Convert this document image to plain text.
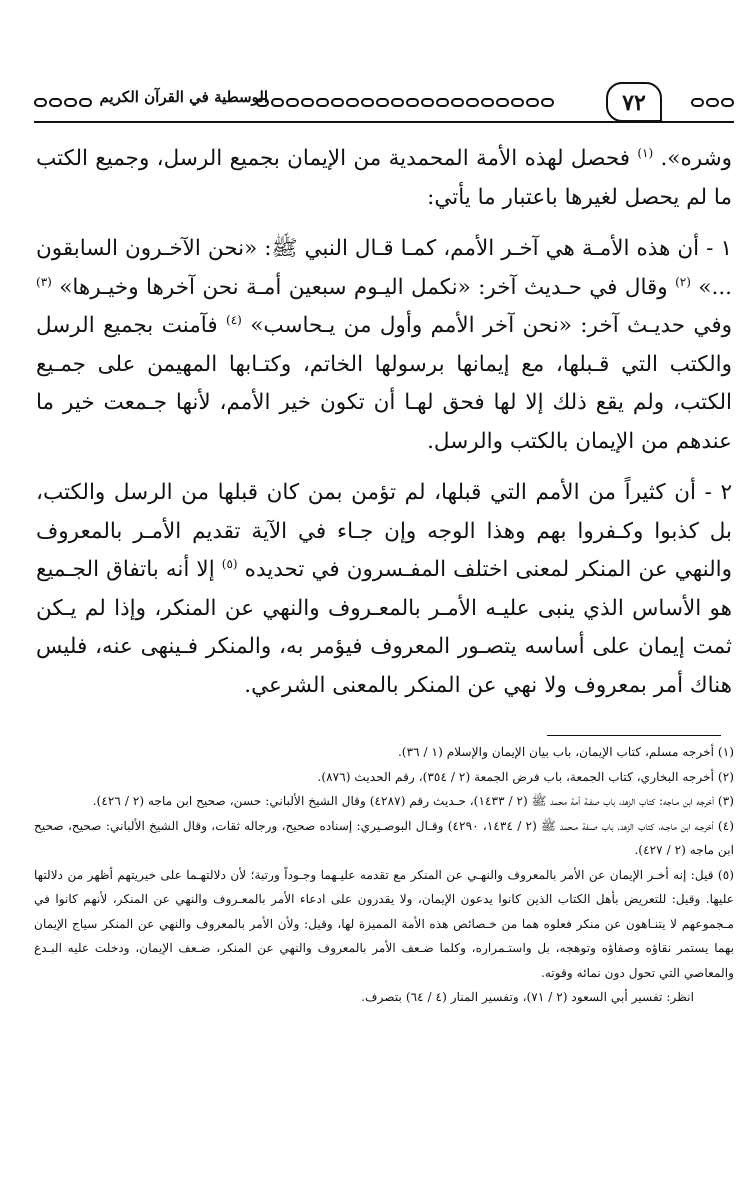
الوسطية في القرآن الكريم	٧٢

وشره». $^{(١)}$ فحصل لهذه الأمة المحمدية من الإيمان بجميع الرسل، وجميع الكتب ما لم يحصل لغيرها باعتبار ما يأتي:

١ - أن هذه الأمـة هي آخـر الأمم، كمـا قـال النبي ﷺ: «نحن الآخـرون السابقون ...» $^{(٢)}$ وقال في حـديث آخر: «نكمل اليـوم سبعين أمـة نحن آخرها وخيـرها» $^{(٣)}$ وفي حديـث آخر: «نحن آخر الأمم وأول من يـحاسب» $^{(٤)}$ فآمنت بجميع الرسل والكتب التي قـبلها، مع إيمانها برسولها الخاتم، وكتـابها المهيمن على جمـيع الكتب، ولم يقع ذلك إلا لها فحق لهـا أن تكون خير الأمم، لأنها جـمعت خير ما عندهم من الإيمان بالكتب والرسل.

٢ - أن كثيراً من الأمم التي قبلها، لم تؤمن بمن كان قبلها من الرسل والكتب، بل كذبوا وكـفروا بهم وهذا الوجه وإن جـاء في الآية تقديم الأمـر بالمعروف والنهي عن المنكر لمعنى اختلف المفـسرون في تحديده $^{(٥)}$ إلا أنه باتفاق الجـميع هو الأساس الذي ينبى عليـه الأمـر بالمعـروف والنهي عن المنكر، وإذا لم يـكن ثمت إيمان على أساسه يتصـور المعروف فيؤمر به، والمنكر فـينهى عنه، فليس هناك أمر بمعروف ولا نهي عن المنكر بالمعنى الشرعي.

(١) أخرجه مسلم، كتاب الإيمان، باب بيان الإيمان والإسلام (١ / ٣٦).

(٢) أخرجه البخاري، كتاب الجمعة، باب فرض الجمعة (٢ / ٣٥٤)، رقم الحديث (٨٧٦).

(٣) أخرجه ابن مـاجه: كتاب الزهد، باب صفـة أمة محمد ﷺ (٢ / ١٤٣٣)، حـديث رقم (٤٢٨٧) وقال الشيخ الألباني: حسن، صحيح ابن ماجه (٢ / ٤٢٦).

(٤) أخرجـه ابن ماجـه، كتاب الزهد، باب صـفة مـحمد ﷺ (٢ / ١٤٣٤، ٤٢٩٠) وقـال البوصـيري: إسناده صحيح، ورجاله ثقات، وقال الشيخ الألباني: صحيح، صحيح ابن ماجه (٢ / ٤٢٧).

(٥) قيل: إنه أخـر الإيمان عن الأمر بالمعروف والنهـي عن المنكر مع تقدمه عليـهما وجـوداً ورتبة؛ لأن دلالتهـما على خيريتهم أظهر من دلالتها عليها. وقيل: للتعريض بأهل الكتاب الذين كانوا يدعون الإيمان، ولا يقدرون على ادعاء الأمر بالمعـروف والنهي عن المنكر، لأنهم كانوا في مـجموعهم لا يتنـاهون عن منكر فعلوه هما من خـصائص هذه الأمة المميزة لها، وقيل: ولأن الأمر بالمعروف والنهي عن المنكر سياج الإيمان بهما يستمر نقاؤه وصفاؤه وتوهجه، بل واستـمراره، وكلما ضـعف الأمر بالمعروف والنهي عن المنكر، ضـعف الإيمان، ودخلت عليه البـدع والمعاصي التي تحول دون نمائه وقوته.

انظر: تفسير أبي السعود (٢ / ٧١)، وتفسير المنار (٤ / ٦٤) بتصرف.
